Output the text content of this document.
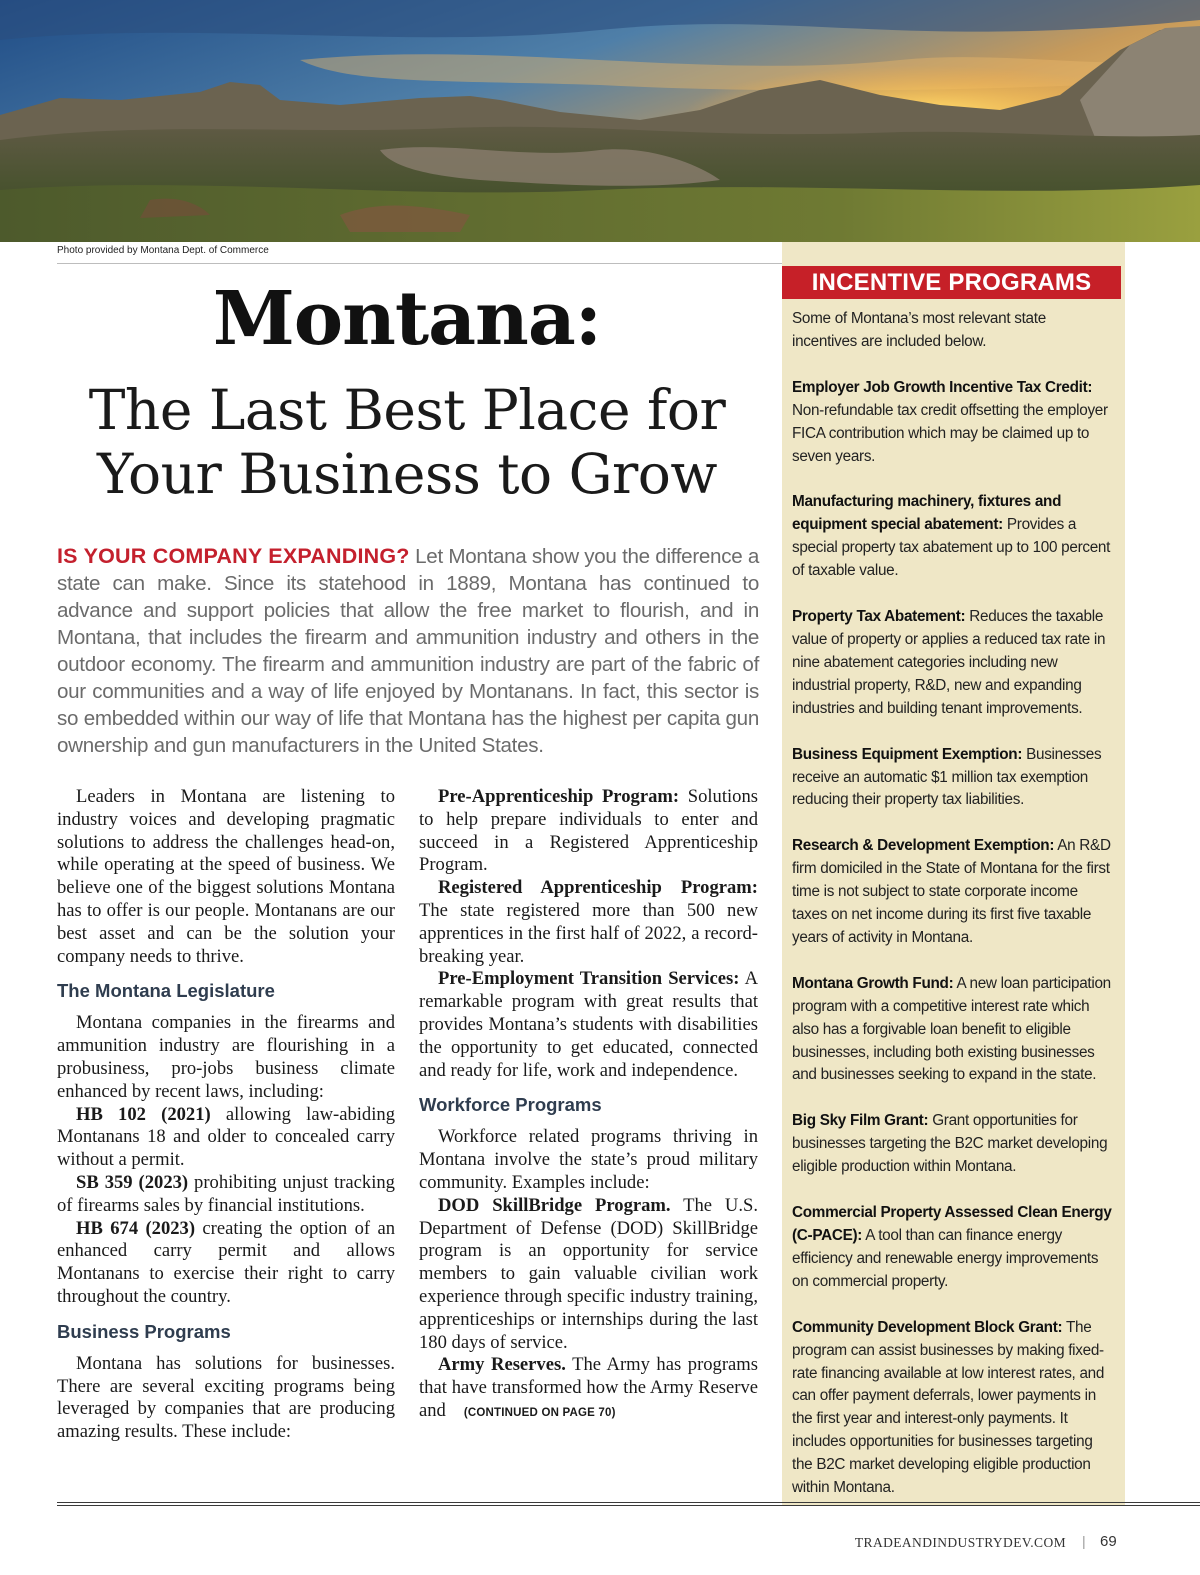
Photo provided by Montana Dept. of Commerce
Montana:
The Last Best Place for
Your Business to Grow

IS YOUR COMPANY EXPANDING? Let Montana show you the difference a state can make. Since its statehood in 1889, Montana has continued to advance and support policies that allow the free market to flourish, and in Montana, that includes the firearm and ammunition industry and others in the outdoor economy. The firearm and ammunition industry are part of the fabric of our communities and a way of life enjoyed by Montanans. In fact, this sector is so embedded within our way of life that Montana has the highest per capita gun ownership and gun manufacturers in the United States.

Leaders in Montana are listening to industry voices and developing pragmatic solutions to address the challenges head-on, while operating at the speed of business. We believe one of the biggest solutions Montana has to offer is our people. Montanans are our best asset and can be the solution your company needs to thrive.

The Montana Legislature

Montana companies in the firearms and ammunition industry are flourishing in a probusiness, pro-jobs business climate enhanced by recent laws, including:

HB 102 (2021) allowing law-abiding Montanans 18 and older to concealed carry without a permit.

SB 359 (2023) prohibiting unjust tracking of firearms sales by financial institutions.

HB 674 (2023) creating the option of an enhanced carry permit and allows Montanans to exercise their right to carry throughout the country.

Business Programs

Montana has solutions for businesses. There are several exciting programs being leveraged by companies that are producing amazing results. These include:

Pre-Apprenticeship Program: Solutions to help prepare individuals to enter and succeed in a Registered Apprenticeship Program.

Registered Apprenticeship Program: The state registered more than 500 new apprentices in the first half of 2022, a record-breaking year.

Pre-Employment Transition Services: A remarkable program with great results that provides Montana’s students with disabilities the opportunity to get educated, connected and ready for life, work and independence.

Workforce Programs

Workforce related programs thriving in Montana involve the state’s proud military community. Examples include:

DOD SkillBridge Program. The U.S. Department of Defense (DOD) SkillBridge program is an opportunity for service members to gain valuable civilian work experience through specific industry training, apprenticeships or internships during the last 180 days of service.

Army Reserves. The Army has programs that have transformed how the Army Reserve and (CONTINUED ON PAGE 70)

INCENTIVE PROGRAMS

Some of Montana’s most relevant state incentives are included below.

Employer Job Growth Incentive Tax Credit: Non-refundable tax credit offsetting the employer FICA contribution which may be claimed up to seven years.

Manufacturing machinery, fixtures and equipment special abatement: Provides a special property tax abatement up to 100 percent of taxable value.

Property Tax Abatement: Reduces the taxable value of property or applies a reduced tax rate in nine abatement categories including new industrial property, R&D, new and expanding industries and building tenant improvements.

Business Equipment Exemption: Businesses receive an automatic $1 million tax exemption reducing their property tax liabilities.

Research & Development Exemption: An R&D firm domiciled in the State of Montana for the first time is not subject to state corporate income taxes on net income during its first five taxable years of activity in Montana.

Montana Growth Fund: A new loan participation program with a competitive interest rate which also has a forgivable loan benefit to eligible businesses, including both existing businesses and businesses seeking to expand in the state.

Big Sky Film Grant: Grant opportunities for businesses targeting the B2C market developing eligible production within Montana.

Commercial Property Assessed Clean Energy (C-PACE): A tool than can finance energy efficiency and renewable energy improvements on commercial property.

Community Development Block Grant: The program can assist businesses by making fixed-rate financing available at low interest rates, and can offer payment deferrals, lower payments in the first year and interest-only payments. It includes opportunities for businesses targeting the B2C market developing eligible production within Montana.

TRADEANDINDUSTRYDEV.COM | 69
